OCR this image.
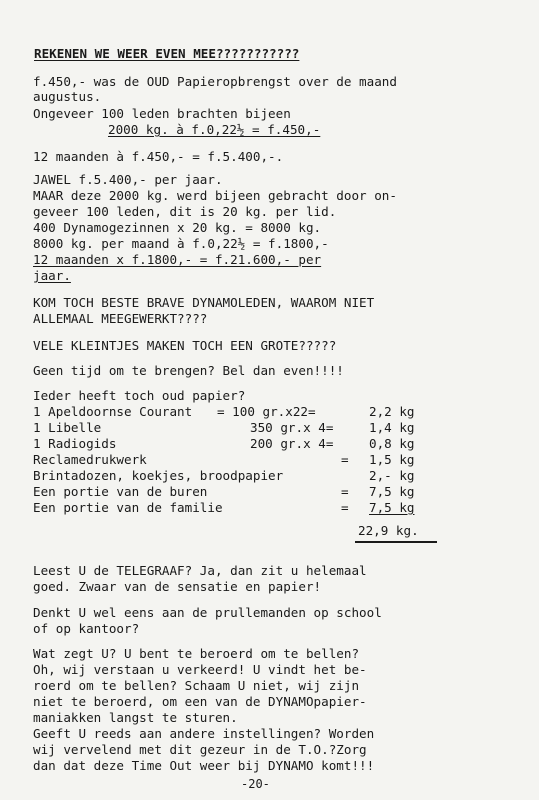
REKENEN WE WEER EVEN MEE???????????
f.450,- was de OUD Papieropbrengst over de maand
augustus.
Ongeveer 100 leden brachten bijeen
2000 kg. à f.0,22½ = f.450,-
12 maanden à f.450,- = f.5.400,-.
JAWEL f.5.400,- per jaar.
MAAR deze 2000 kg. werd bijeen gebracht door on-
geveer 100 leden, dit is 20 kg. per lid.
400 Dynamogezinnen x 20 kg. = 8000 kg.
8000 kg. per maand à f.0,22½ = f.1800,-
12 maanden x f.1800,- = f.21.600,- per
jaar.
KOM TOCH BESTE BRAVE DYNAMOLEDEN, WAAROM NIET
ALLEMAAL MEEGEWERKT????
VELE KLEINTJES MAKEN TOCH EEN GROTE?????
Geen tijd om te brengen? Bel dan even!!!!
Ieder heeft toch oud papier?
1 Apeldoornse Courant = 100 gr.x22=	2,2 kg
1 Libelle	350 gr.x 4=	1,4 kg
1 Radiogids	200 gr.x 4=	0,8 kg
Reclamedrukwerk	= 1,5 kg
Brintadozen, koekjes, broodpapier	2,- kg
Een portie van de buren	= 7,5 kg
Een portie van de familie	= 7,5 kg
22,9 kg.
Leest U de TELEGRAAF? Ja, dan zit u helemaal
goed. Zwaar van de sensatie en papier!
Denkt U wel eens aan de prullemanden op school
of op kantoor?
Wat zegt U? U bent te beroerd om te bellen?
Oh, wij verstaan u verkeerd! U vindt het be-
roerd om te bellen? Schaam U niet, wij zijn
niet te beroerd, om een van de DYNAMOpapier-
maniakken langst te sturen.
Geeft U reeds aan andere instellingen? Worden
wij vervelend met dit gezeur in de T.O.?Zorg
dan dat deze Time Out weer bij DYNAMO komt!!!
-20-
